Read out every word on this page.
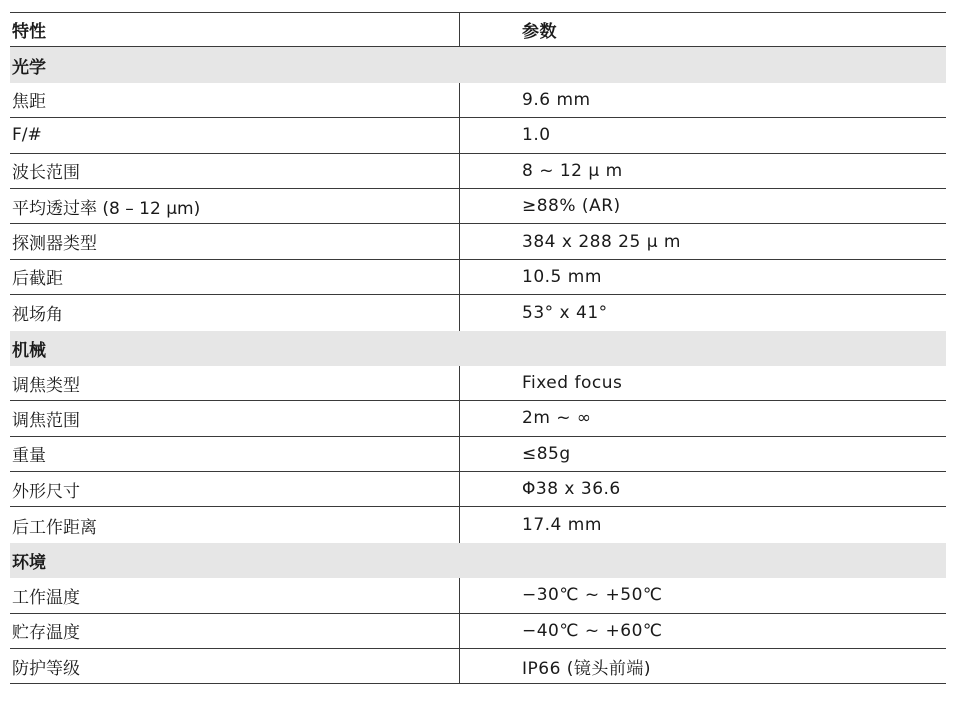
特性	参数
光学
焦距	9.6 mm
F/#	1.0
波长范围	8 ~ 12 μ m
平均透过率 (8 – 12 μm)	≥88% (AR)
探测器类型	384 x 288 25 μ m
后截距	10.5 mm
视场角	53° x 41°
机械
调焦类型	Fixed focus
调焦范围	2m ~ ∞
重量	≤85g
外形尺寸	Φ38 x 36.6
后工作距离	17.4 mm
环境
工作温度	−30℃ ~ +50℃
贮存温度	−40℃ ~ +60℃
防护等级	IP66 (镜头前端)
